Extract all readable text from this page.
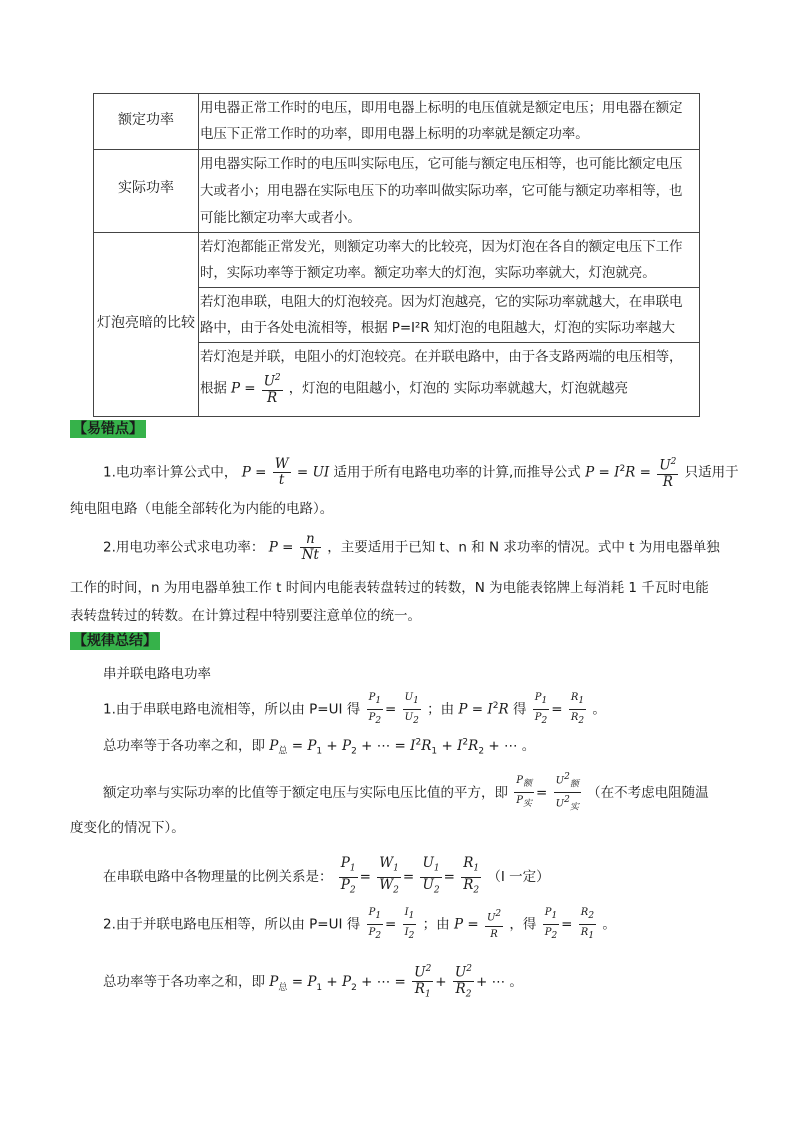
额定功率
用电器正常工作时的电压，即用电器上标明的电压值就是额定电压；用电器在额定
电压下正常工作时的功率，即用电器上标明的功率就是额定功率。
实际功率
用电器实际工作时的电压叫实际电压，它可能与额定电压相等，也可能比额定电压
大或者小；用电器在实际电压下的功率叫做实际功率，它可能与额定功率相等，也
可能比额定功率大或者小。
灯泡亮暗的比较
若灯泡都能正常发光，则额定功率大的比较亮，因为灯泡在各自的额定电压下工作
时，实际功率等于额定功率。额定功率大的灯泡，实际功率就大，灯泡就亮。
若灯泡串联，电阻大的灯泡较亮。因为灯泡越亮，它的实际功率就越大，在串联电
路中，由于各处电流相等，根据 P=I²R 知灯泡的电阻越大，灯泡的实际功率越大
若灯泡是并联，电阻小的灯泡较亮。在并联电路中，由于各支路两端的电压相等，
根据 $P = \frac{U^2}{R}$ ，灯泡的电阻越小，灯泡的 实际功率就越大，灯泡就越亮
【易错点】
1.电功率计算公式中， $P = \frac{W}{t}$ = UI 适用于所有电路电功率的计算,而推导公式 $P = I^2R = \frac{U^2}{R}$ 只适用于
纯电阻电路（电能全部转化为内能的电路）。
2.用电功率公式求电功率： $P = \frac{n}{Nt}$ ，主要适用于已知 t、n 和 N 求功率的情况。式中 t 为用电器单独
工作的时间，n 为用电器单独工作 t 时间内电能表转盘转过的转数，N 为电能表铭牌上每消耗 1 千瓦时电能
表转盘转过的转数。在计算过程中特别要注意单位的统一。
【规律总结】
串并联电路电功率
1.由于串联电路电流相等，所以由 P=UI 得 $\frac{P_1}{P_2} = \frac{U_1}{U_2}$ ；由 $P = I^2R$ 得 $\frac{P_1}{P_2} = \frac{R_1}{R_2}$ 。
总功率等于各功率之和，即 $P_总 = P_1 + P_2$ + ⋯ = $I^2R_1 + I^2R_2$ + ⋯ 。
额定功率与实际功率的比值等于额定电压与实际电压比值的平方，即 $\frac{P_额}{P_实} = \frac{U^2_额}{U^2_实}$ （在不考虑电阻随温
度变化的情况下）。
在串联电路中各物理量的比例关系是： $\frac{P_1}{P_2} = \frac{W_1}{W_2} = \frac{U_1}{U_2} = \frac{R_1}{R_2} (I$ 一定）
2.由于并联电路电压相等，所以由 P=UI 得 $\frac{P_1}{P_2} = \frac{I_1}{I_2}$ ；由 $P = \frac{U^2}{R}$ ，得 $\frac{P_1}{P_2} = \frac{R_2}{R_1}$ 。
总功率等于各功率之和，即 $P_总 = P_1 + P_2$ + ⋯ = $\frac{U^2}{R_1} + \frac{U^2}{R_2}$ + ⋯ 。
